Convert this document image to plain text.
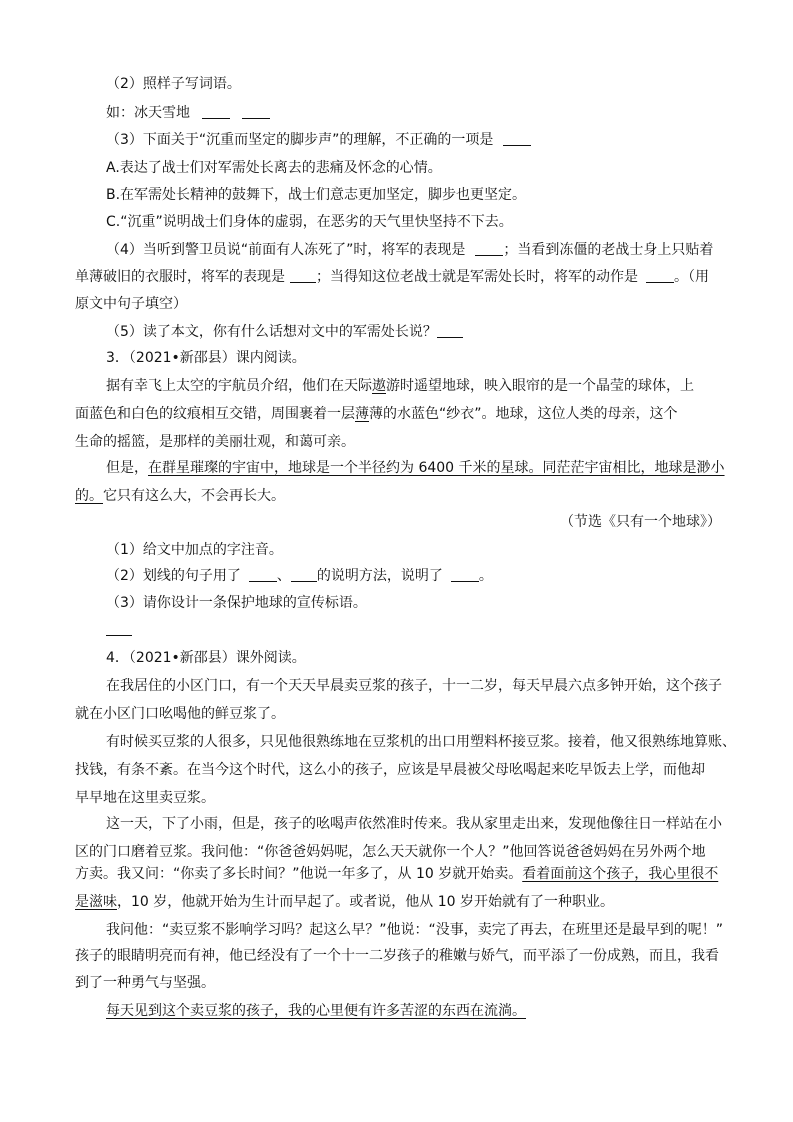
（2）照样子写词语。
如：冰天雪地
（3）下面关于“沉重而坚定的脚步声”的理解，不正确的一项是
A.表达了战士们对军需处长离去的悲痛及怀念的心情。
B.在军需处长精神的鼓舞下，战士们意志更加坚定，脚步也更坚定。
C.“沉重”说明战士们身体的虚弱，在恶劣的天气里快坚持不下去。
（4）当听到警卫员说“前面有人冻死了”时，将军的表现是	；当看到冻僵的老战士身上只贴着
单薄破旧的衣服时，将军的表现是 ；当得知这位老战士就是军需处长时，将军的动作是	。（用
原文中句子填空）
（5）读了本文，你有什么话想对文中的军需处长说？
3．（2021•新邵县）课内阅读。
据有幸飞上太空的宇航员介绍，他们在天际遨游时遥望地球，映入眼帘的是一个晶莹的球体，上
面蓝色和白色的纹痕相互交错，周围裹着一层薄薄的水蓝色“纱衣”。地球，这位人类的母亲，这个
生命的摇篮，是那样的美丽壮观，和蔼可亲。
但是，在群星璀璨的宇宙中，地球是一个半径约为 6400 千米的星球。同茫茫宇宙相比，地球是渺小
的。它只有这么大，不会再长大。
（节选《只有一个地球》）
（1）给文中加点的字注音。
（2）划线的句子用了	、 的说明方法，说明了	。
（3）请你设计一条保护地球的宣传标语。
4．（2021•新邵县）课外阅读。
在我居住的小区门口，有一个天天早晨卖豆浆的孩子，十一二岁，每天早晨六点多钟开始，这个孩子
就在小区门口吆喝他的鲜豆浆了。
有时候买豆浆的人很多，只见他很熟练地在豆浆机的出口用塑料杯接豆浆。接着，他又很熟练地算账、
找钱，有条不紊。在当今这个时代，这么小的孩子，应该是早晨被父母吆喝起来吃早饭去上学，而他却
早早地在这里卖豆浆。
这一天，下了小雨，但是，孩子的吆喝声依然准时传来。我从家里走出来，发现他像往日一样站在小
区的门口磨着豆浆。我问他：“你爸爸妈妈呢，怎么天天就你一个人？”他回答说爸爸妈妈在另外两个地
方卖。我又问：“你卖了多长时间？”他说一年多了，从 10 岁就开始卖。看着面前这个孩子，我心里很不
是滋味，10 岁，他就开始为生计而早起了。或者说，他从 10 岁开始就有了一种职业。
我问他：“卖豆浆不影响学习吗？起这么早？”他说：“没事，卖完了再去，在班里还是最早到的呢！”
孩子的眼睛明亮而有神，他已经没有了一个十一二岁孩子的稚嫩与娇气，而平添了一份成熟，而且，我看
到了一种勇气与坚强。
每天见到这个卖豆浆的孩子，我的心里便有许多苦涩的东西在流淌。
